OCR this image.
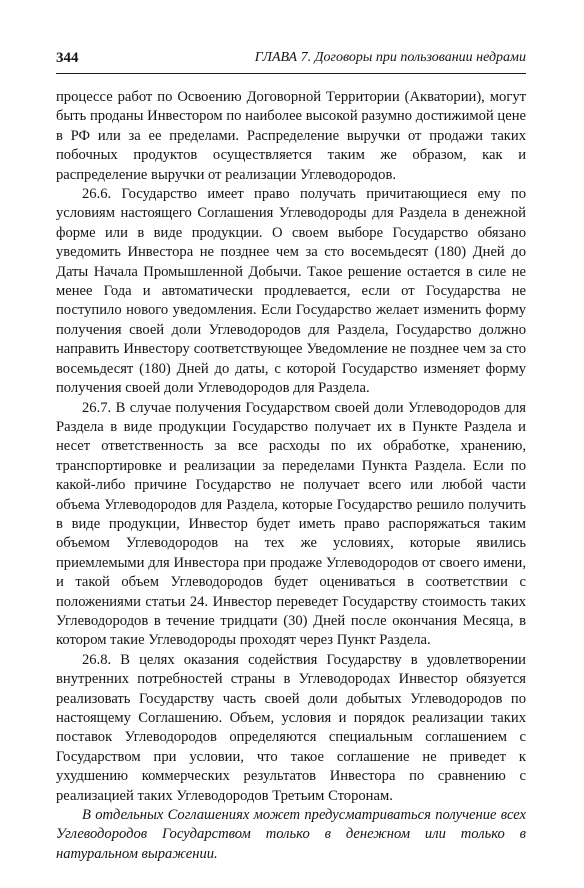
344	ГЛАВА 7. Договоры при пользовании недрами

процессе работ по Освоению Договорной Территории (Акватории), могут быть проданы Инвестором по наиболее высокой разумно достижимой цене в РФ или за ее пределами. Распределение выручки от продажи таких побочных продуктов осуществляется таким же образом, как и распределение выручки от реализации Углеводородов.

26.6. Государство имеет право получать причитающиеся ему по условиям настоящего Соглашения Углеводороды для Раздела в денежной форме или в виде продукции. О своем выборе Государство обязано уведомить Инвестора не позднее чем за сто восемьдесят (180) Дней до Даты Начала Промышленной Добычи. Такое решение остается в силе не менее Года и автоматически продлевается, если от Государства не поступило нового уведомления. Если Государство желает изменить форму получения своей доли Углеводородов для Раздела, Государство должно направить Инвестору соответствующее Уведомление не позднее чем за сто восемьдесят (180) Дней до даты, с которой Государство изменяет форму получения своей доли Углеводородов для Раздела.

26.7. В случае получения Государством своей доли Углеводородов для Раздела в виде продукции Государство получает их в Пункте Раздела и несет ответственность за все расходы по их обработке, хранению, транспортировке и реализации за переделами Пункта Раздела. Если по какой-либо причине Государство не получает всего или любой части объема Углеводородов для Раздела, которые Государство решило получить в виде продукции, Инвестор будет иметь право распоряжаться таким объемом Углеводородов на тех же условиях, которые явились приемлемыми для Инвестора при продаже Углеводородов от своего имени, и такой объем Углеводородов будет оцениваться в соответствии с положениями статьи 24. Инвестор переведет Государству стоимость таких Углеводородов в течение тридцати (30) Дней после окончания Месяца, в котором такие Углеводороды проходят через Пункт Раздела.

26.8. В целях оказания содействия Государству в удовлетворении внутренних потребностей страны в Углеводородах Инвестор обязуется реализовать Государству часть своей доли добытых Углеводородов по настоящему Соглашению. Объем, условия и порядок реализации таких поставок Углеводородов определяются специальным соглашением с Государством при условии, что такое соглашение не приведет к ухудшению коммерческих результатов Инвестора по сравнению с реализацией таких Углеводородов Третьим Сторонам.

В отдельных Соглашениях может предусматриваться получение всех Углеводородов Государством только в денежном или только в натуральном выражении.
